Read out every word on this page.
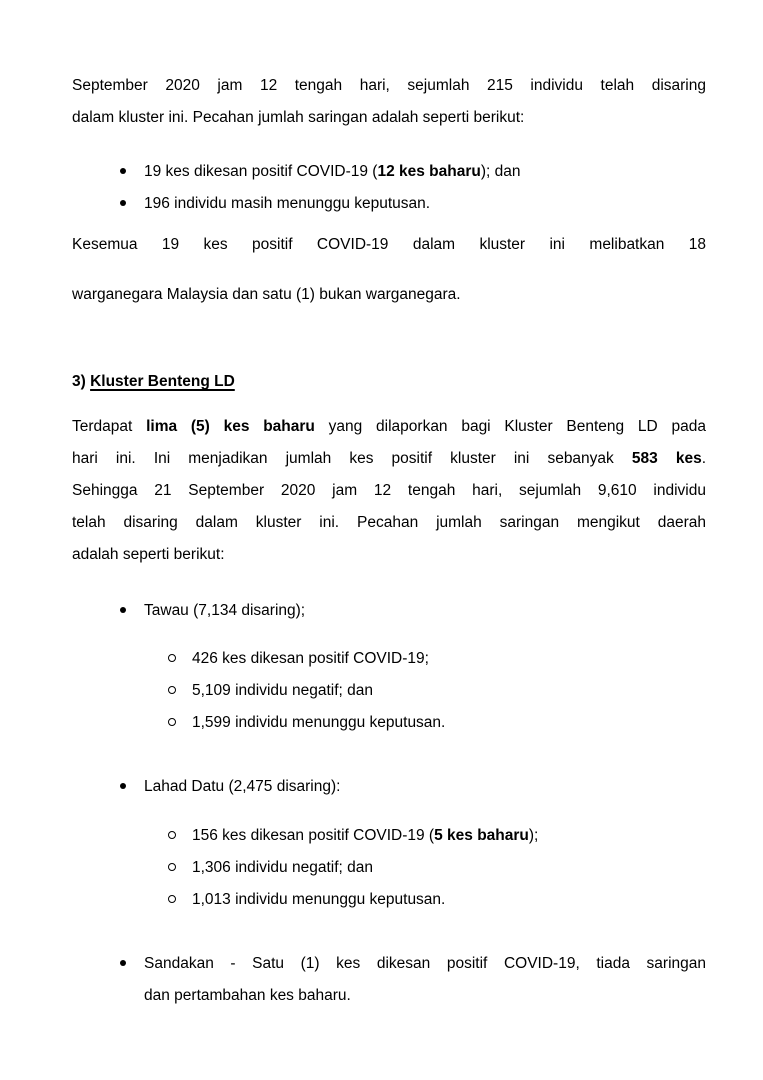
September 2020 jam 12 tengah hari, sejumlah 215 individu telah disaring
dalam kluster ini. Pecahan jumlah saringan adalah seperti berikut:
19 kes dikesan positif COVID-19 (12 kes baharu); dan
196 individu masih menunggu keputusan.
Kesemua 19 kes positif COVID-19 dalam kluster ini melibatkan 18
warganegara Malaysia dan satu (1) bukan warganegara.
3) Kluster Benteng LD
Terdapat lima (5) kes baharu yang dilaporkan bagi Kluster Benteng LD pada
hari ini. Ini menjadikan jumlah kes positif kluster ini sebanyak 583 kes.
Sehingga 21 September 2020 jam 12 tengah hari, sejumlah 9,610 individu
telah disaring dalam kluster ini. Pecahan jumlah saringan mengikut daerah
adalah seperti berikut:
Tawau (7,134 disaring);
426 kes dikesan positif COVID-19;
5,109 individu negatif; dan
1,599 individu menunggu keputusan.
Lahad Datu (2,475 disaring):
156 kes dikesan positif COVID-19 (5 kes baharu);
1,306 individu negatif; dan
1,013 individu menunggu keputusan.
Sandakan - Satu (1) kes dikesan positif COVID-19, tiada saringan
dan pertambahan kes baharu.
